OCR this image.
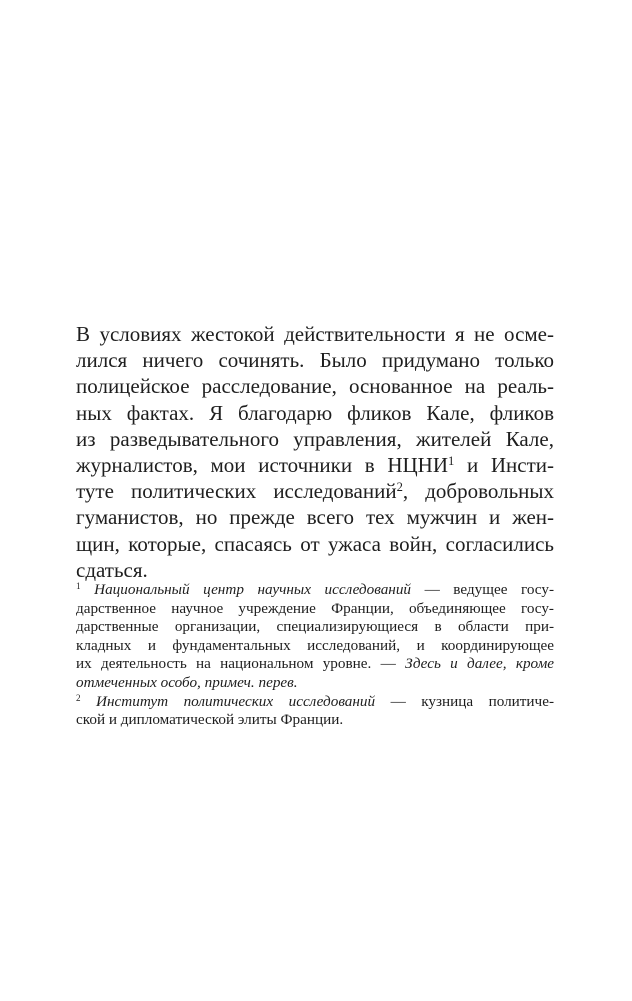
В условиях жестокой действительности я не осме-
лился ничего сочинять. Было придумано только
полицейское расследование, основанное на реаль-
ных фактах. Я благодарю фликов Кале, фликов
из разведывательного управления, жителей Кале,
журналистов, мои источники в НЦНИ$^1$ и Инсти-
туте политических исследований$^2$, добровольных
гуманистов, но прежде всего тех мужчин и жен-
щин, которые, спасаясь от ужаса войн, согласились
сдаться.
$^1$ Национальный центр научных исследований — ведущее госу-
дарственное научное учреждение Франции, объединяющее госу-
дарственные организации, специализирующиеся в области при-
кладных и фундаментальных исследований, и координирующее
их деятельность на национальном уровне. — Здесь и далее, кроме
отмеченных особо, примеч. перев.
$^2$ Институт политических исследований — кузница политиче-
ской и дипломатической элиты Франции.
